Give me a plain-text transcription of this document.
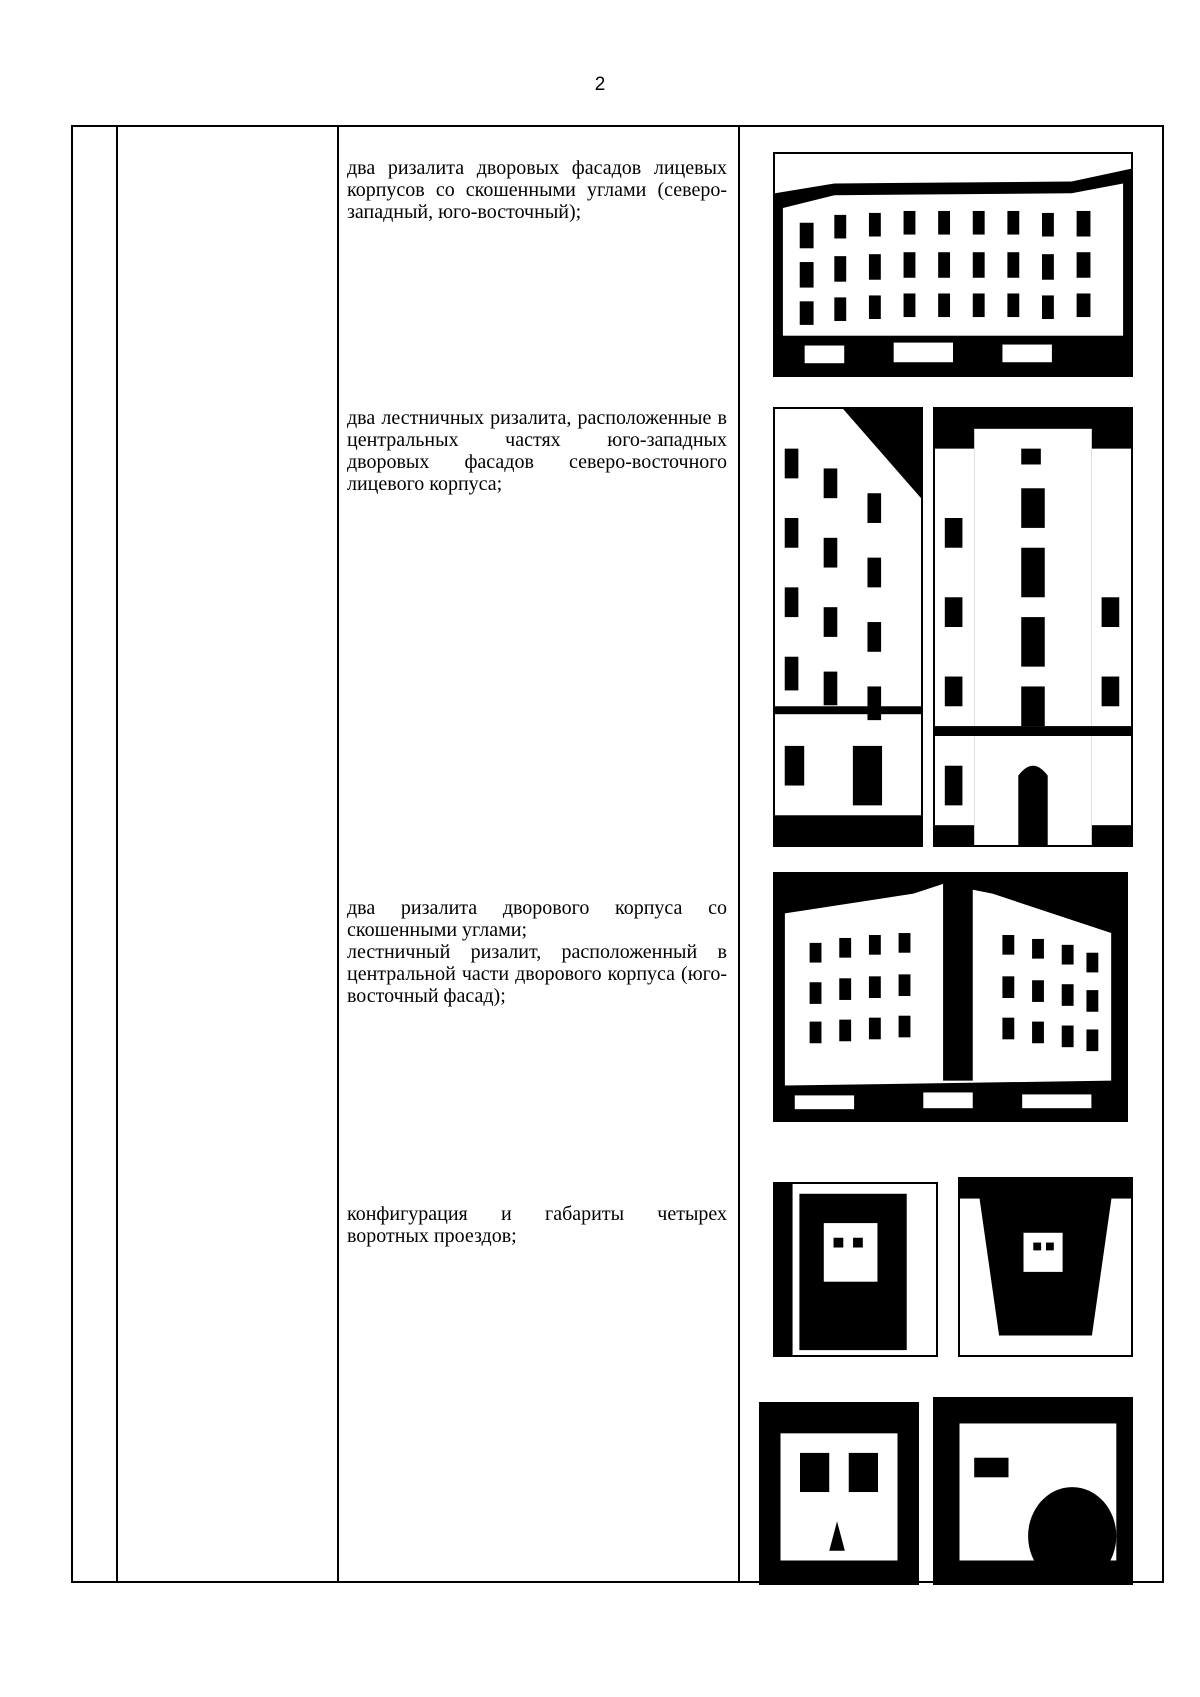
2

два ризалита дворовых фасадов лицевых корпусов со скошенными углами (северо-западный, юго-восточный);

два лестничных ризалита, расположенные в центральных частях юго-западных дворовых фасадов северо-восточного лицевого корпуса;

два ризалита дворового корпуса со скошенными углами;

лестничный ризалит, расположенный в центральной части дворового корпуса (юго-восточный фасад);

конфигурация и габариты четырех воротных проездов;
